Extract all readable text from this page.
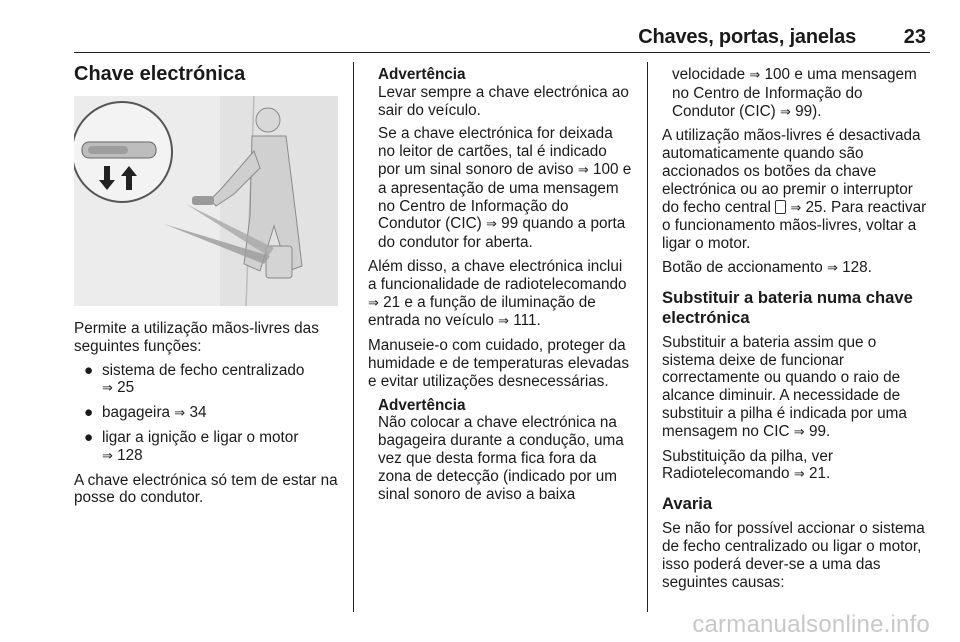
Chaves, portas, janelas 23
Chave electrónica

Permite a utilização mãos-livres das seguintes funções:

● sistema de fecho centralizado
⇒ 25
● bagageira ⇒ 34
● ligar a ignição e ligar o motor
⇒ 128

A chave electrónica só tem de estar na posse do condutor.

Advertência

Levar sempre a chave electrónica ao sair do veículo.

Se a chave electrónica for deixada no leitor de cartões, tal é indicado por um sinal sonoro de aviso ⇒ 100 e a apresentação de uma mensagem no Centro de Informação do Condutor (CIC) ⇒ 99 quando a porta do condutor for aberta.

Além disso, a chave electrónica inclui a funcionalidade de radiotelecomando ⇒ 21 e a função de iluminação de entrada no veículo ⇒ 111.

Manuseie-o com cuidado, proteger da humidade e de temperaturas elevadas e evitar utilizações desnecessárias.

Advertência

Não colocar a chave electrónica na bagageira durante a condução, uma vez que desta forma fica fora da zona de detecção (indicado por um sinal sonoro de aviso a baixa

velocidade ⇒ 100 e uma mensagem no Centro de Informação do Condutor (CIC) ⇒ 99).

A utilização mãos-livres é desactivada automaticamente quando são accionados os botões da chave electrónica ou ao premir o interruptor do fecho central ⇒ 25. Para reactivar o funcionamento mãos-livres, voltar a ligar o motor.

Botão de accionamento ⇒ 128.

Substituir a bateria numa chave electrónica

Substituir a bateria assim que o sistema deixe de funcionar correctamente ou quando o raio de alcance diminuir. A necessidade de substituir a pilha é indicada por uma mensagem no CIC ⇒ 99.

Substituição da pilha, ver Radiotelecomando ⇒ 21.

Avaria

Se não for possível accionar o sistema de fecho centralizado ou ligar o motor, isso poderá dever-se a uma das seguintes causas:

carmanualsonline.info
